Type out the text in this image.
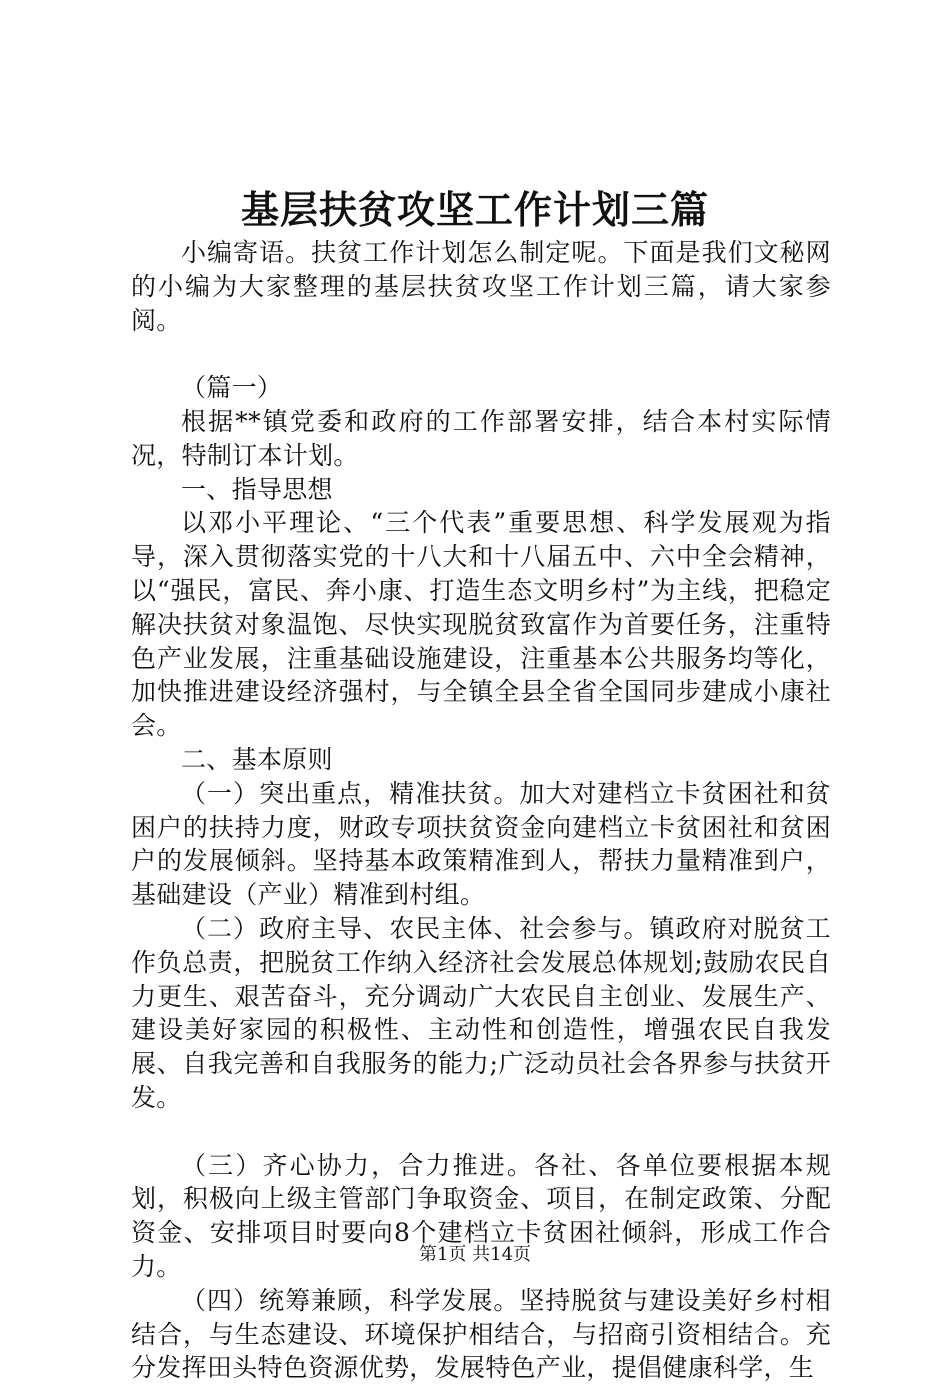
基层扶贫攻坚工作计划三篇

小编寄语。扶贫工作计划怎么制定呢。下面是我们文秘网的小编为大家整理的基层扶贫攻坚工作计划三篇，请大家参阅。

（篇一）

根据**镇党委和政府的工作部署安排，结合本村实际情况，特制订本计划。

一、指导思想

以邓小平理论、“三个代表”重要思想、科学发展观为指导，深入贯彻落实党的十八大和十八届五中、六中全会精神，以“强民，富民、奔小康、打造生态文明乡村”为主线，把稳定解决扶贫对象温饱、尽快实现脱贫致富作为首要任务，注重特色产业发展，注重基础设施建设，注重基本公共服务均等化，加快推进建设经济强村，与全镇全县全省全国同步建成小康社会。

二、基本原则

（一）突出重点，精准扶贫。加大对建档立卡贫困社和贫困户的扶持力度，财政专项扶贫资金向建档立卡贫困社和贫困户的发展倾斜。坚持基本政策精准到人，帮扶力量精准到户，基础建设（产业）精准到村组。

（二）政府主导、农民主体、社会参与。镇政府对脱贫工作负总责，把脱贫工作纳入经济社会发展总体规划;鼓励农民自力更生、艰苦奋斗，充分调动广大农民自主创业、发展生产、建设美好家园的积极性、主动性和创造性，增强农民自我发展、自我完善和自我服务的能力;广泛动员社会各界参与扶贫开发。

（三）齐心协力，合力推进。各社、各单位要根据本规划，积极向上级主管部门争取资金、项目，在制定政策、分配资金、安排项目时要向8个建档立卡贫困社倾斜，形成工作合力。

（四）统筹兼顾，科学发展。坚持脱贫与建设美好乡村相结合，与生态建设、环境保护相结合，与招商引资相结合。充分发挥田头特色资源优势，发展特色产业，提倡健康科学，生

第1页 共14页
